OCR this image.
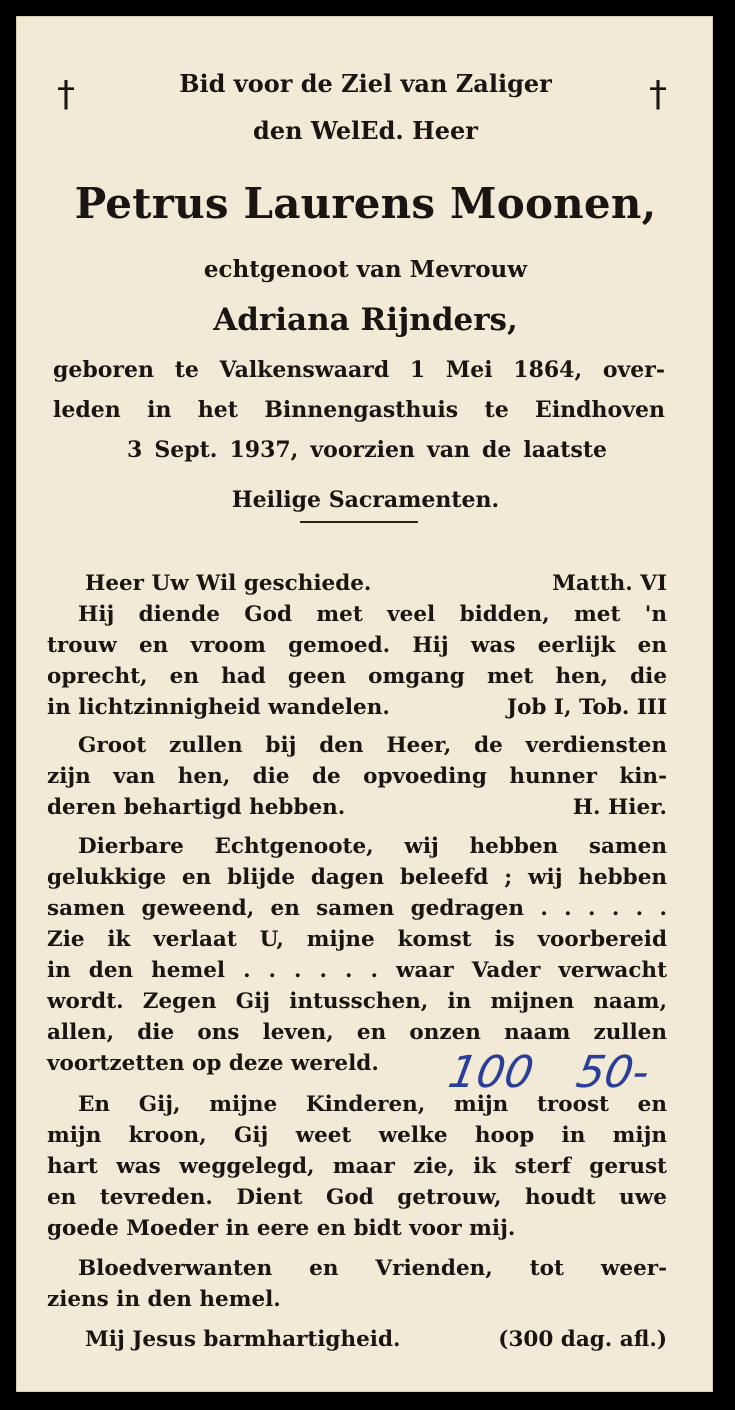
†	†
Bid voor de Ziel van Zaliger
den WelEd. Heer
Petrus Laurens Moonen,
echtgenoot van Mevrouw
Adriana Rijnders,
geboren te Valkenswaard 1 Mei 1864, over-
leden in het Binnengasthuis te Eindhoven
3 Sept. 1937, voorzien van de laatste
Heilige Sacramenten.
Heer Uw Wil geschiede.	Matth. VI
Hij diende God met veel bidden, met 'n
trouw en vroom gemoed. Hij was eerlijk en
oprecht, en had geen omgang met hen, die
in lichtzinnigheid wandelen.	Job I, Tob. III
Groot zullen bij den Heer, de verdiensten
zijn van hen, die de opvoeding hunner kin-
deren behartigd hebben.	H. Hier.
Dierbare Echtgenoote, wij hebben samen
gelukkige en blijde dagen beleefd ; wij hebben
samen geweend, en samen gedragen . . . . . .
Zie ik verlaat U, mijne komst is voorbereid
in den hemel . . . . . . waar Vader verwacht
wordt. Zegen Gij intusschen, in mijnen naam,
allen, die ons leven, en onzen naam zullen
voortzetten op deze wereld.	100 50-
En Gij, mijne Kinderen, mijn troost en
mijn kroon, Gij weet welke hoop in mijn
hart was weggelegd, maar zie, ik sterf gerust
en tevreden. Dient God getrouw, houdt uwe
goede Moeder in eere en bidt voor mij.
Bloedverwanten en Vrienden, tot weer-
ziens in den hemel.
Mij Jesus barmhartigheid.	(300 dag. afl.)
